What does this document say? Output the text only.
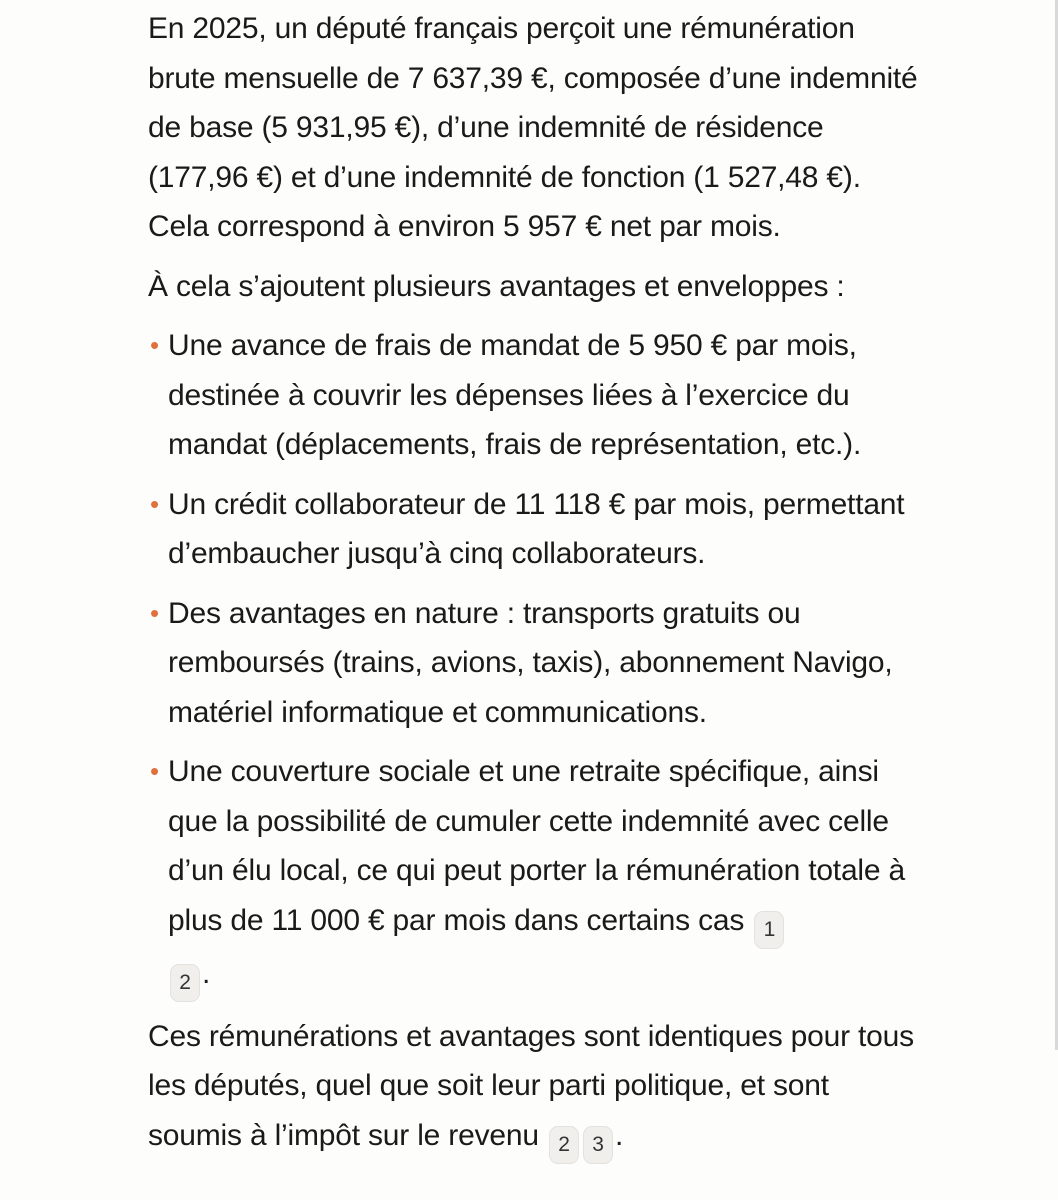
En 2025, un député français perçoit une rémunération brute mensuelle de 7 637,39 €, composée d’une indemnité de base (5 931,95 €), d’une indemnité de résidence (177,96 €) et d’une indemnité de fonction (1 527,48 €). Cela correspond à environ 5 957 € net par mois.

À cela s’ajoutent plusieurs avantages et enveloppes :

• Une avance de frais de mandat de 5 950 € par mois, destinée à couvrir les dépenses liées à l’exercice du mandat (déplacements, frais de représentation, etc.).
• Un crédit collaborateur de 11 118 € par mois, permettant d’embaucher jusqu’à cinq collaborateurs.
• Des avantages en nature : transports gratuits ou remboursés (trains, avions, taxis), abonnement Navigo, matériel informatique et communications.
• Une couverture sociale et une retraite spécifique, ainsi que la possibilité de cumuler cette indemnité avec celle d’un élu local, ce qui peut porter la rémunération totale à plus de 11 000 € par mois dans certains cas 1
2 .

Ces rémunérations et avantages sont identiques pour tous les députés, quel que soit leur parti politique, et sont soumis à l’impôt sur le revenu 2 3 .
